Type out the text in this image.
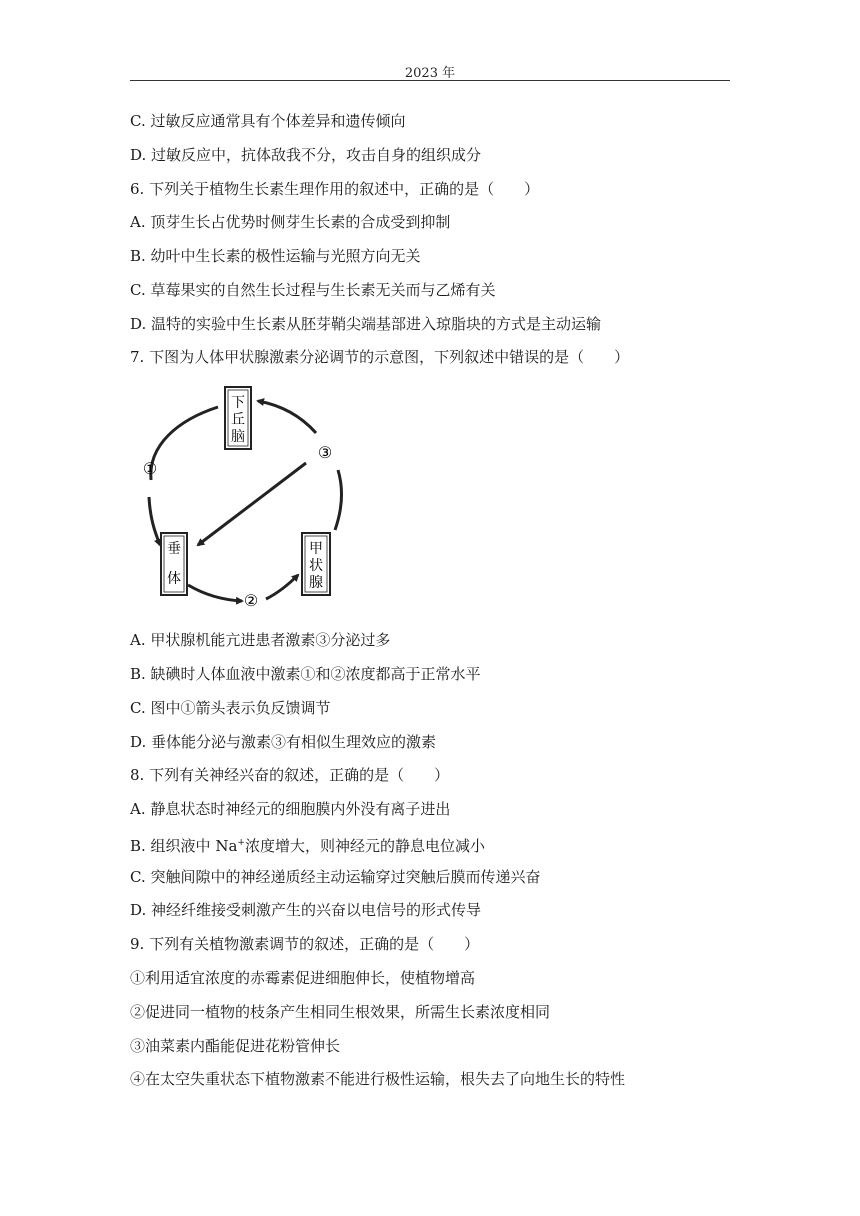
2023 年
C. 过敏反应通常具有个体差异和遗传倾向
D. 过敏反应中，抗体敌我不分，攻击自身的组织成分
6. 下列关于植物生长素生理作用的叙述中，正确的是（　　）
A. 顶芽生长占优势时侧芽生长素的合成受到抑制
B. 幼叶中生长素的极性运输与光照方向无关
C. 草莓果实的自然生长过程与生长素无关而与乙烯有关
D. 温特的实验中生长素从胚芽鞘尖端基部进入琼脂块的方式是主动运输
7. 下图为人体甲状腺激素分泌调节的示意图，下列叙述中错误的是（　　）
下
丘
脑
垂
体
甲
状
腺
①
②
③
A. 甲状腺机能亢进患者激素③分泌过多
B. 缺碘时人体血液中激素①和②浓度都高于正常水平
C. 图中①箭头表示负反馈调节
D. 垂体能分泌与激素③有相似生理效应的激素
8. 下列有关神经兴奋的叙述，正确的是（　　）
A. 静息状态时神经元的细胞膜内外没有离子进出
B. 组织液中 Na+浓度增大，则神经元的静息电位减小
C. 突触间隙中的神经递质经主动运输穿过突触后膜而传递兴奋
D. 神经纤维接受刺激产生的兴奋以电信号的形式传导
9. 下列有关植物激素调节的叙述，正确的是（　　）
①利用适宜浓度的赤霉素促进细胞伸长，使植物增高
②促进同一植物的枝条产生相同生根效果，所需生长素浓度相同
③油菜素内酯能促进花粉管伸长
④在太空失重状态下植物激素不能进行极性运输，根失去了向地生长的特性
